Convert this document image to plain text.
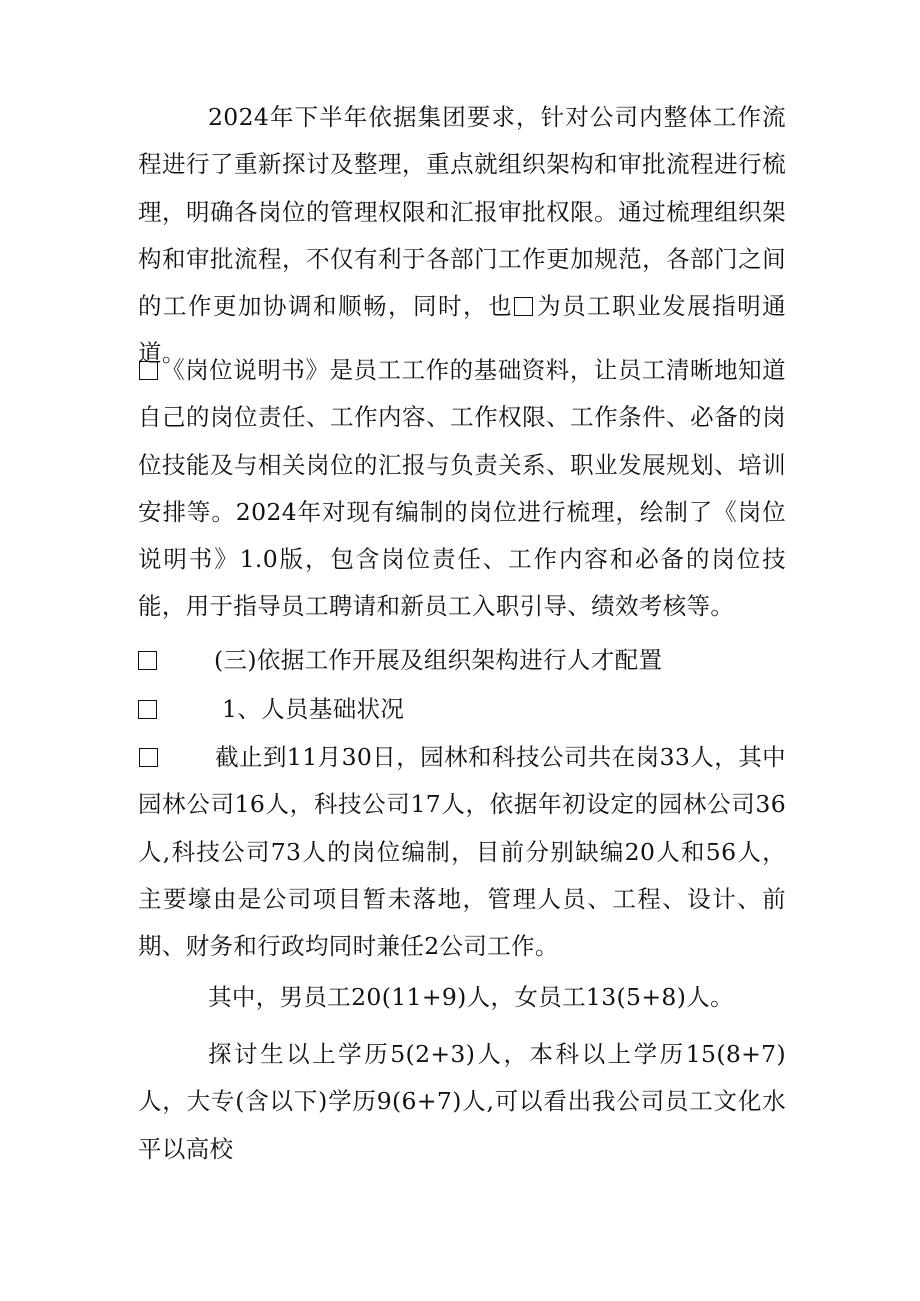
2024年下半年依据集团要求，针对公司内整体工作流程进行了重新探讨及整理，重点就组织架构和审批流程进行梳理，明确各岗位的管理权限和汇报审批权限。通过梳理组织架构和审批流程，不仅有利于各部门工作更加规范，各部门之间的工作更加协调和顺畅，同时，也 为员工职业发展指明通道。

《岗位说明书》是员工工作的基础资料，让员工清晰地知道自己的岗位责任、工作内容、工作权限、工作条件、必备的岗位技能及与相关岗位的汇报与负责关系、职业发展规划、培训安排等。2024年对现有编制的岗位进行梳理，绘制了《岗位说明书》1.0版，包含岗位责任、工作内容和必备的岗位技能，用于指导员工聘请和新员工入职引导、绩效考核等。

(三)依据工作开展及组织架构进行人才配置
1、人员基础状况

截止到11月30日，园林和科技公司共在岗33人，其中园林公司16人，科技公司17人，依据年初设定的园林公司36人,科技公司73人的岗位编制，目前分别缺编20人和56人，主要壕由是公司项目暂未落地，管理人员、工程、设计、前期、财务和行政均同时兼任2公司工作。

其中，男员工20(11+9)人，女员工13(5+8)人。

探讨生以上学历5(2+3)人，本科以上学历15(8+7)人，大专(含以下)学历9(6+7)人,可以看出我公司员工文化水平以高校
